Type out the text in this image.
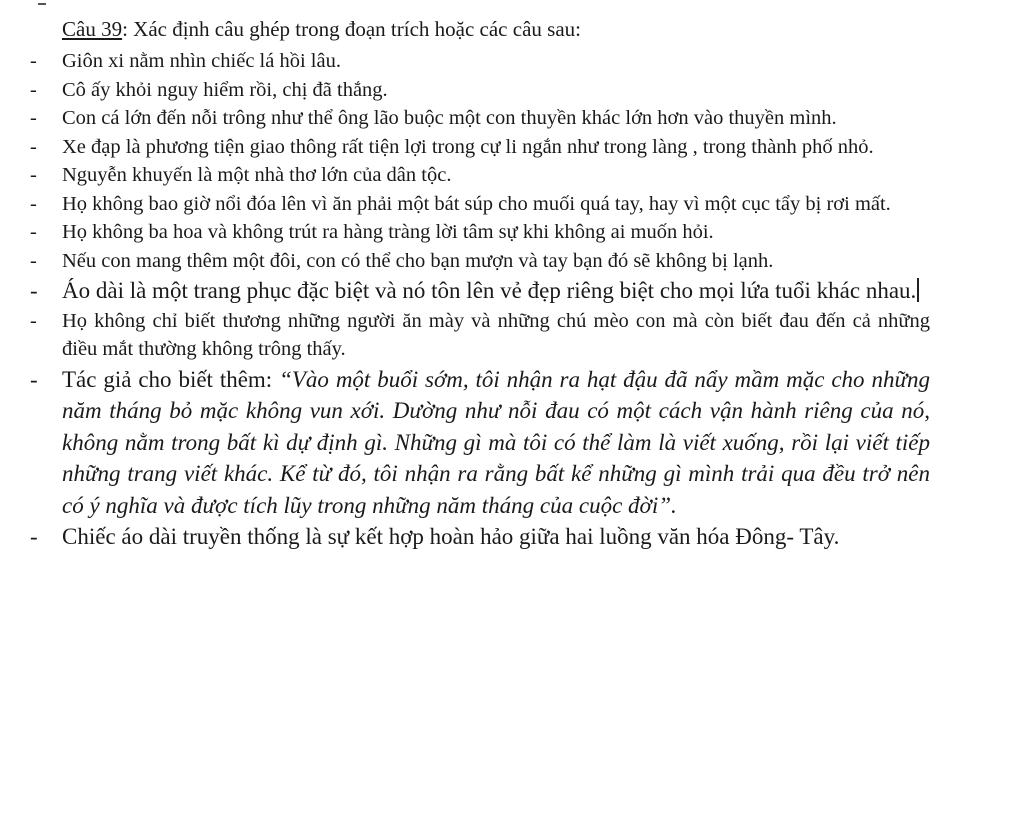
Câu 39: Xác định câu ghép trong đoạn trích hoặc các câu sau:
-	Giôn xi nằm nhìn chiếc lá hồi lâu.
-	Cô ấy khỏi nguy hiểm rồi, chị đã thắng.
-	Con cá lớn đến nỗi trông như thể ông lão buộc một con thuyền khác lớn hơn vào thuyền mình.
-	Xe đạp là phương tiện giao thông rất tiện lợi trong cự li ngắn như trong làng , trong thành phố nhỏ.
-	Nguyễn khuyến là một nhà thơ lớn của dân tộc.
-	Họ không bao giờ nổi đóa lên vì ăn phải một bát súp cho muối quá tay, hay vì một cục tẩy bị rơi mất.
-	Họ không ba hoa và không trút ra hàng tràng lời tâm sự khi không ai muốn hỏi.
-	Nếu con mang thêm một đôi, con có thể cho bạn mượn và tay bạn đó sẽ không bị lạnh.
-	Áo dài là một trang phục đặc biệt và nó tôn lên vẻ đẹp riêng biệt cho mọi lứa tuổi khác nhau.
-	Họ không chỉ biết thương những người ăn mày và những chú mèo con mà còn biết đau đến cả những điều mắt thường không trông thấy.
-	Tác giả cho biết thêm: “Vào một buổi sớm, tôi nhận ra hạt đậu đã nẩy mầm mặc cho những năm tháng bỏ mặc không vun xới. Dường như nỗi đau có một cách vận hành riêng của nó, không nằm trong bất kì dự định gì. Những gì mà tôi có thể làm là viết xuống, rồi lại viết tiếp những trang viết khác. Kể từ đó, tôi nhận ra rằng bất kể những gì mình trải qua đều trở nên có ý nghĩa và được tích lũy trong những năm tháng của cuộc đời”.
-	Chiếc áo dài truyền thống là sự kết hợp hoàn hảo giữa hai luồng văn hóa Đông- Tây.
